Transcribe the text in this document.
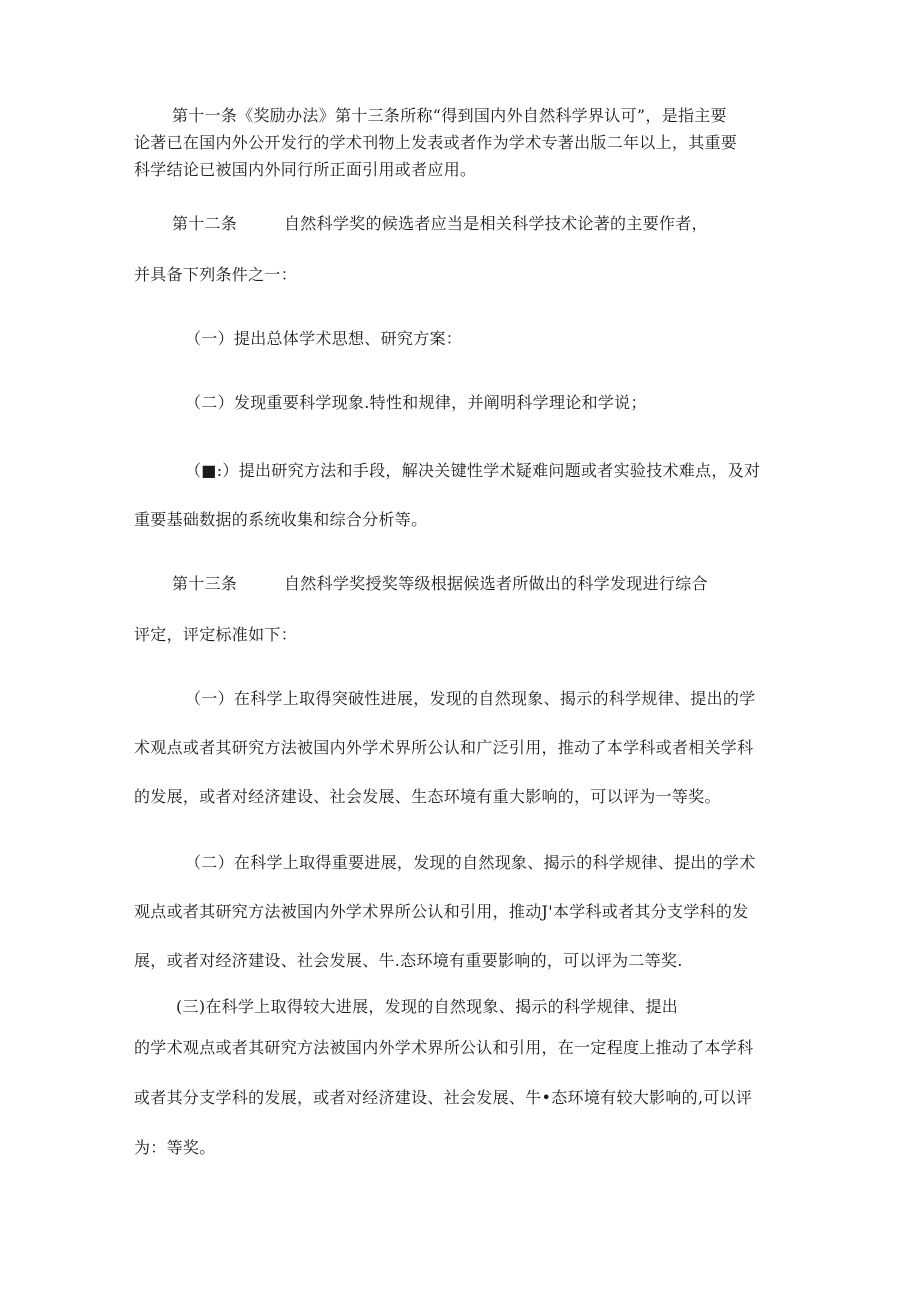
第十一条《奖励办法》第十三条所称“得到国内外自然科学界认可”，是指主要
论著已在国内外公开发行的学术刊物上发表或者作为学术专著出版二年以上，其重要
科学结论已被国内外同行所正面引用或者应用。
第十二条	自然科学奖的候选者应当是相关科学技术论著的主要作者，
并具备下列条件之一：
（一）提出总体学术思想、研究方案：
（二）发现重要科学现象.特性和规律，并阐明科学理论和学说；
（■:）提出研究方法和手段，解决关键性学术疑难问题或者实验技术难点，及对
重要基础数据的系统收集和综合分析等。
第十三条	自然科学奖授奖等级根据候选者所做出的科学发现进行综合
评定，评定标准如下：
（一）在科学上取得突破性进展，发现的自然现象、揭示的科学规律、提出的学
术观点或者其研究方法被国内外学术界所公认和广泛引用，推动了本学科或者相关学科
的发展，或者对经济建设、社会发展、生态环境有重大影响的，可以评为一等奖。
（二）在科学上取得重要进展，发现的自然现象、揭示的科学规律、提出的学术
观点或者其研究方法被国内外学术界所公认和引用，推动J'本学科或者其分支学科的发
展，或者对经济建设、社会发展、牛.态环境有重要影响的，可以评为二等奖.
(三)在科学上取得较大进展，发现的自然现象、揭示的科学规律、提出
的学术观点或者其研究方法被国内外学术界所公认和引用，在一定程度上推动了本学科
或者其分支学科的发展，或者对经济建设、社会发展、牛•态环境有较大影响的,可以评
为：等奖。
